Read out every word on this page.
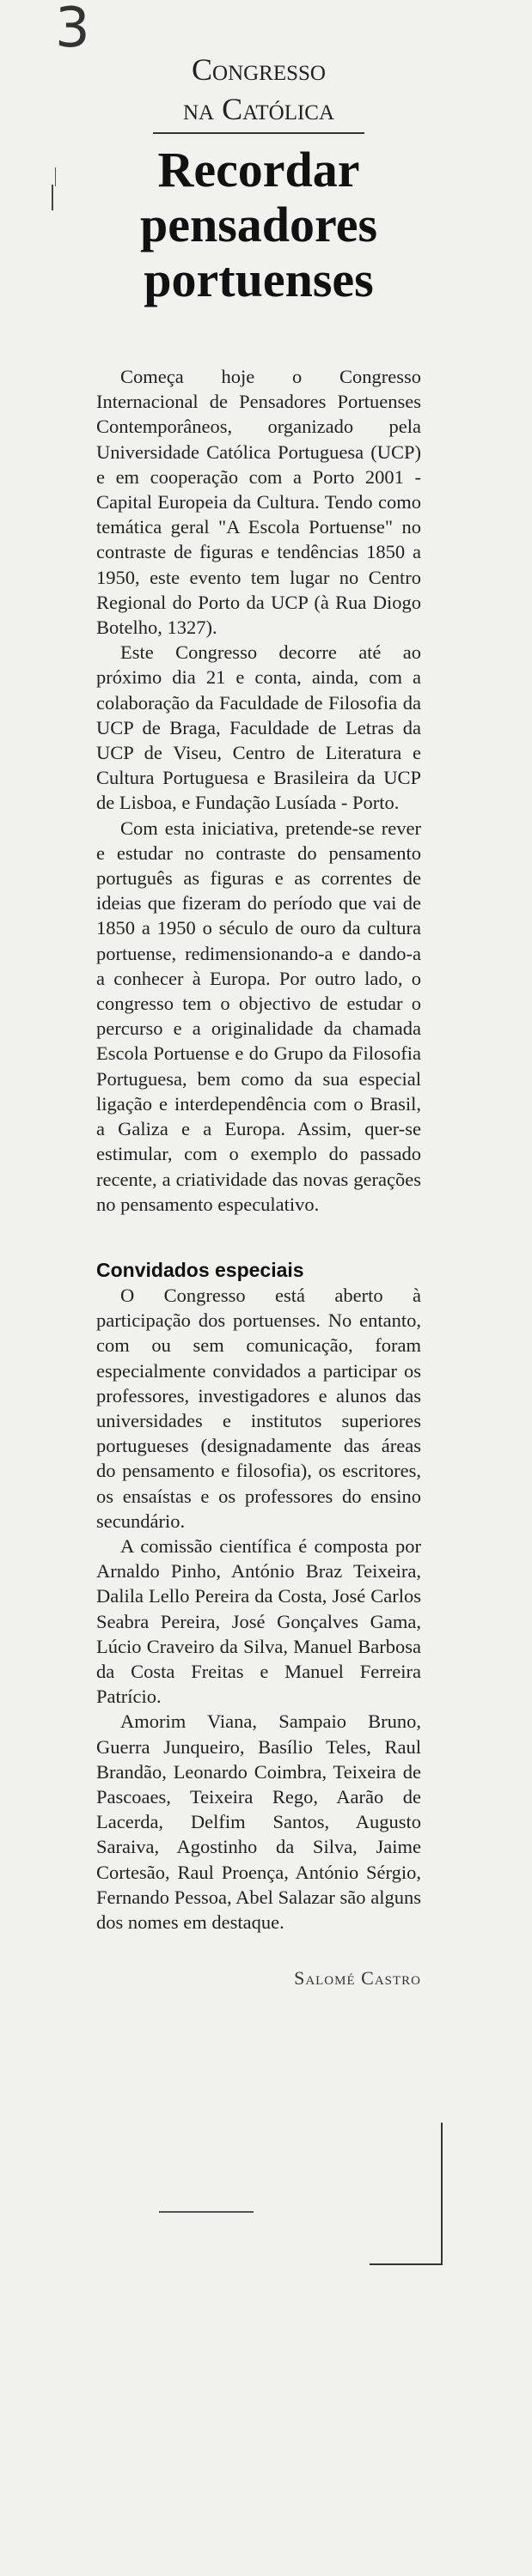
3
Congresso
na Católica
Recordar
pensadores
portuenses

Começa hoje o Congresso Internacional de Pensadores Portuenses Contemporâneos, organizado pela Universidade Católica Portuguesa (UCP) e em cooperação com a Porto 2001 - Capital Europeia da Cultura. Tendo como temática geral "A Escola Portuense" no contraste de figuras e tendências 1850 a 1950, este evento tem lugar no Centro Regional do Porto da UCP (à Rua Diogo Botelho, 1327).

Este Congresso decorre até ao próximo dia 21 e conta, ainda, com a colaboração da Faculdade de Filosofia da UCP de Braga, Faculdade de Letras da UCP de Viseu, Centro de Literatura e Cultura Portuguesa e Brasileira da UCP de Lisboa, e Fundação Lusíada - Porto.

Com esta iniciativa, pretende-se rever e estudar no contraste do pensamento português as figuras e as correntes de ideias que fizeram do período que vai de 1850 a 1950 o século de ouro da cultura portuense, redimensionando-a e dando-a a conhecer à Europa. Por outro lado, o congresso tem o objectivo de estudar o percurso e a originalidade da chamada Escola Portuense e do Grupo da Filosofia Portuguesa, bem como da sua especial ligação e interdependência com o Brasil, a Galiza e a Europa. Assim, quer-se estimular, com o exemplo do passado recente, a criatividade das novas gerações no pensamento especulativo.

Convidados especiais

O Congresso está aberto à participação dos portuenses. No entanto, com ou sem comunicação, foram especialmente convidados a participar os professores, investigadores e alunos das universidades e institutos superiores portugueses (designadamente das áreas do pensamento e filosofia), os escritores, os ensaístas e os professores do ensino secundário.

A comissão científica é composta por Arnaldo Pinho, António Braz Teixeira, Dalila Lello Pereira da Costa, José Carlos Seabra Pereira, José Gonçalves Gama, Lúcio Craveiro da Silva, Manuel Barbosa da Costa Freitas e Manuel Ferreira Patrício.

Amorim Viana, Sampaio Bruno, Guerra Junqueiro, Basílio Teles, Raul Brandão, Leonardo Coimbra, Teixeira de Pascoaes, Teixeira Rego, Aarão de Lacerda, Delfim Santos, Augusto Saraiva, Agostinho da Silva, Jaime Cortesão, Raul Proença, António Sérgio, Fernando Pessoa, Abel Salazar são alguns dos nomes em destaque.

Salomé Castro
